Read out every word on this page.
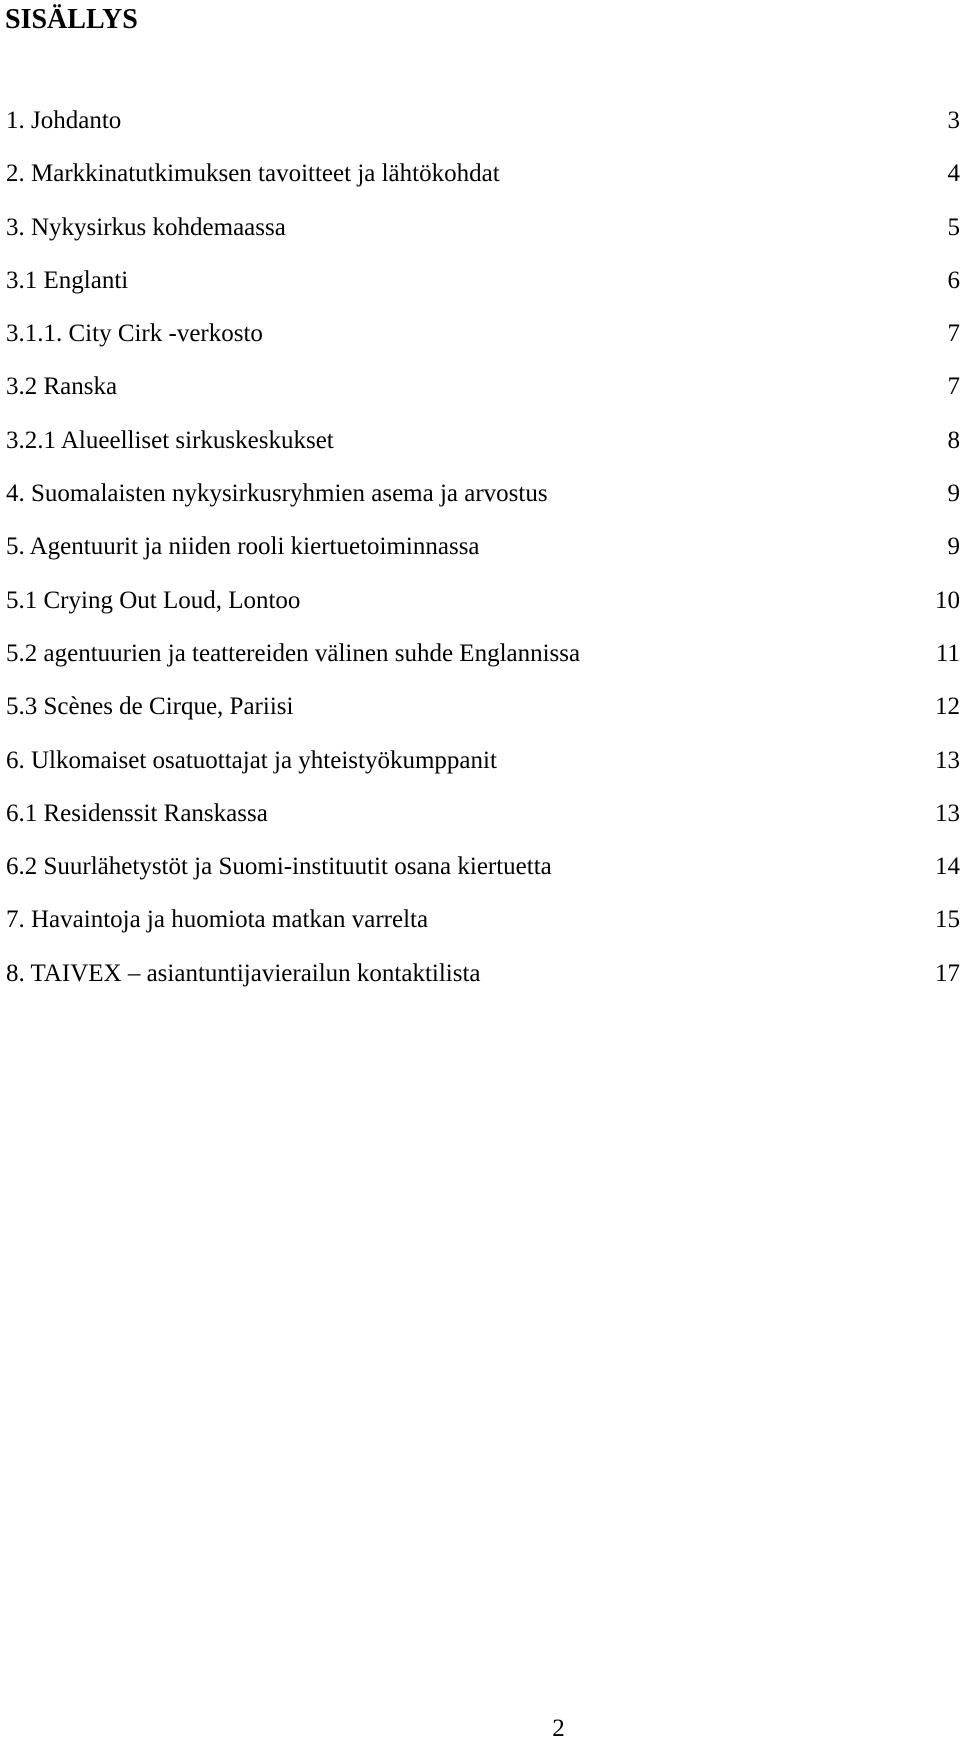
SISÄLLYS
1. Johdanto	3
2. Markkinatutkimuksen tavoitteet ja lähtökohdat	4
3. Nykysirkus kohdemaassa	5
3.1 Englanti	6
3.1.1. City Cirk -verkosto	7
3.2 Ranska	7
3.2.1 Alueelliset sirkuskeskukset	8
4. Suomalaisten nykysirkusryhmien asema ja arvostus	9
5. Agentuurit ja niiden rooli kiertuetoiminnassa	9
5.1 Crying Out Loud, Lontoo	10
5.2 agentuurien ja teattereiden välinen suhde Englannissa	11
5.3 Scènes de Cirque, Pariisi	12
6. Ulkomaiset osatuottajat ja yhteistyökumppanit	13
6.1 Residenssit Ranskassa	13
6.2 Suurlähetystöt ja Suomi-instituutit osana kiertuetta	14
7. Havaintoja ja huomiota matkan varrelta	15
8. TAIVEX – asiantuntijavierailun kontaktilista	17
2
